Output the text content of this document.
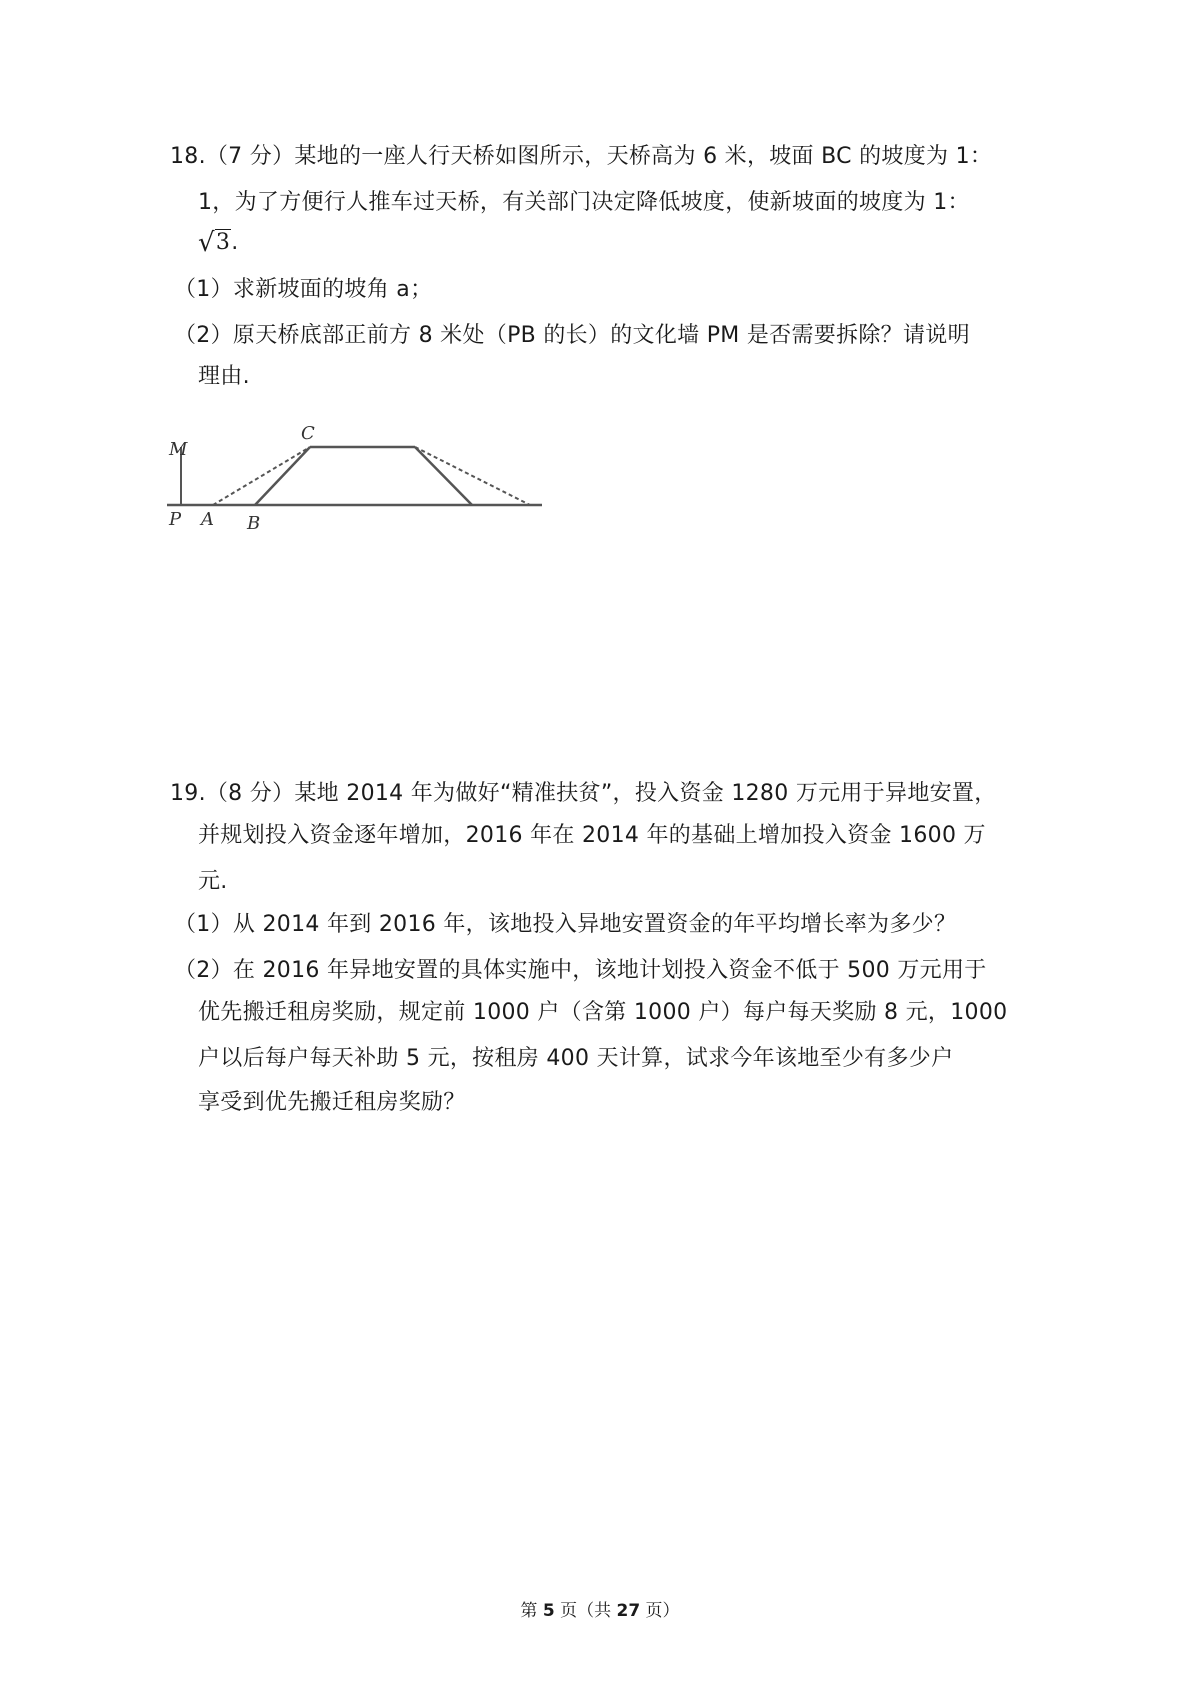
18.（7 分）某地的一座人行天桥如图所示，天桥高为 6 米，坡面 BC 的坡度为 1：
1，为了方便行人推车过天桥，有关部门决定降低坡度，使新坡面的坡度为 1：
√3.
（1）求新坡面的坡角 a；
（2）原天桥底部正前方 8 米处（PB 的长）的文化墙 PM 是否需要拆除？请说明
理由.
M
C
P A B
19.（8 分）某地 2014 年为做好“精准扶贫”，投入资金 1280 万元用于异地安置，
并规划投入资金逐年增加，2016 年在 2014 年的基础上增加投入资金 1600 万
元.
（1）从 2014 年到 2016 年，该地投入异地安置资金的年平均增长率为多少？
（2）在 2016 年异地安置的具体实施中，该地计划投入资金不低于 500 万元用于
优先搬迁租房奖励，规定前 1000 户（含第 1000 户）每户每天奖励 8 元，1000
户以后每户每天补助 5 元，按租房 400 天计算，试求今年该地至少有多少户
享受到优先搬迁租房奖励？
第 5 页（共 27 页）
